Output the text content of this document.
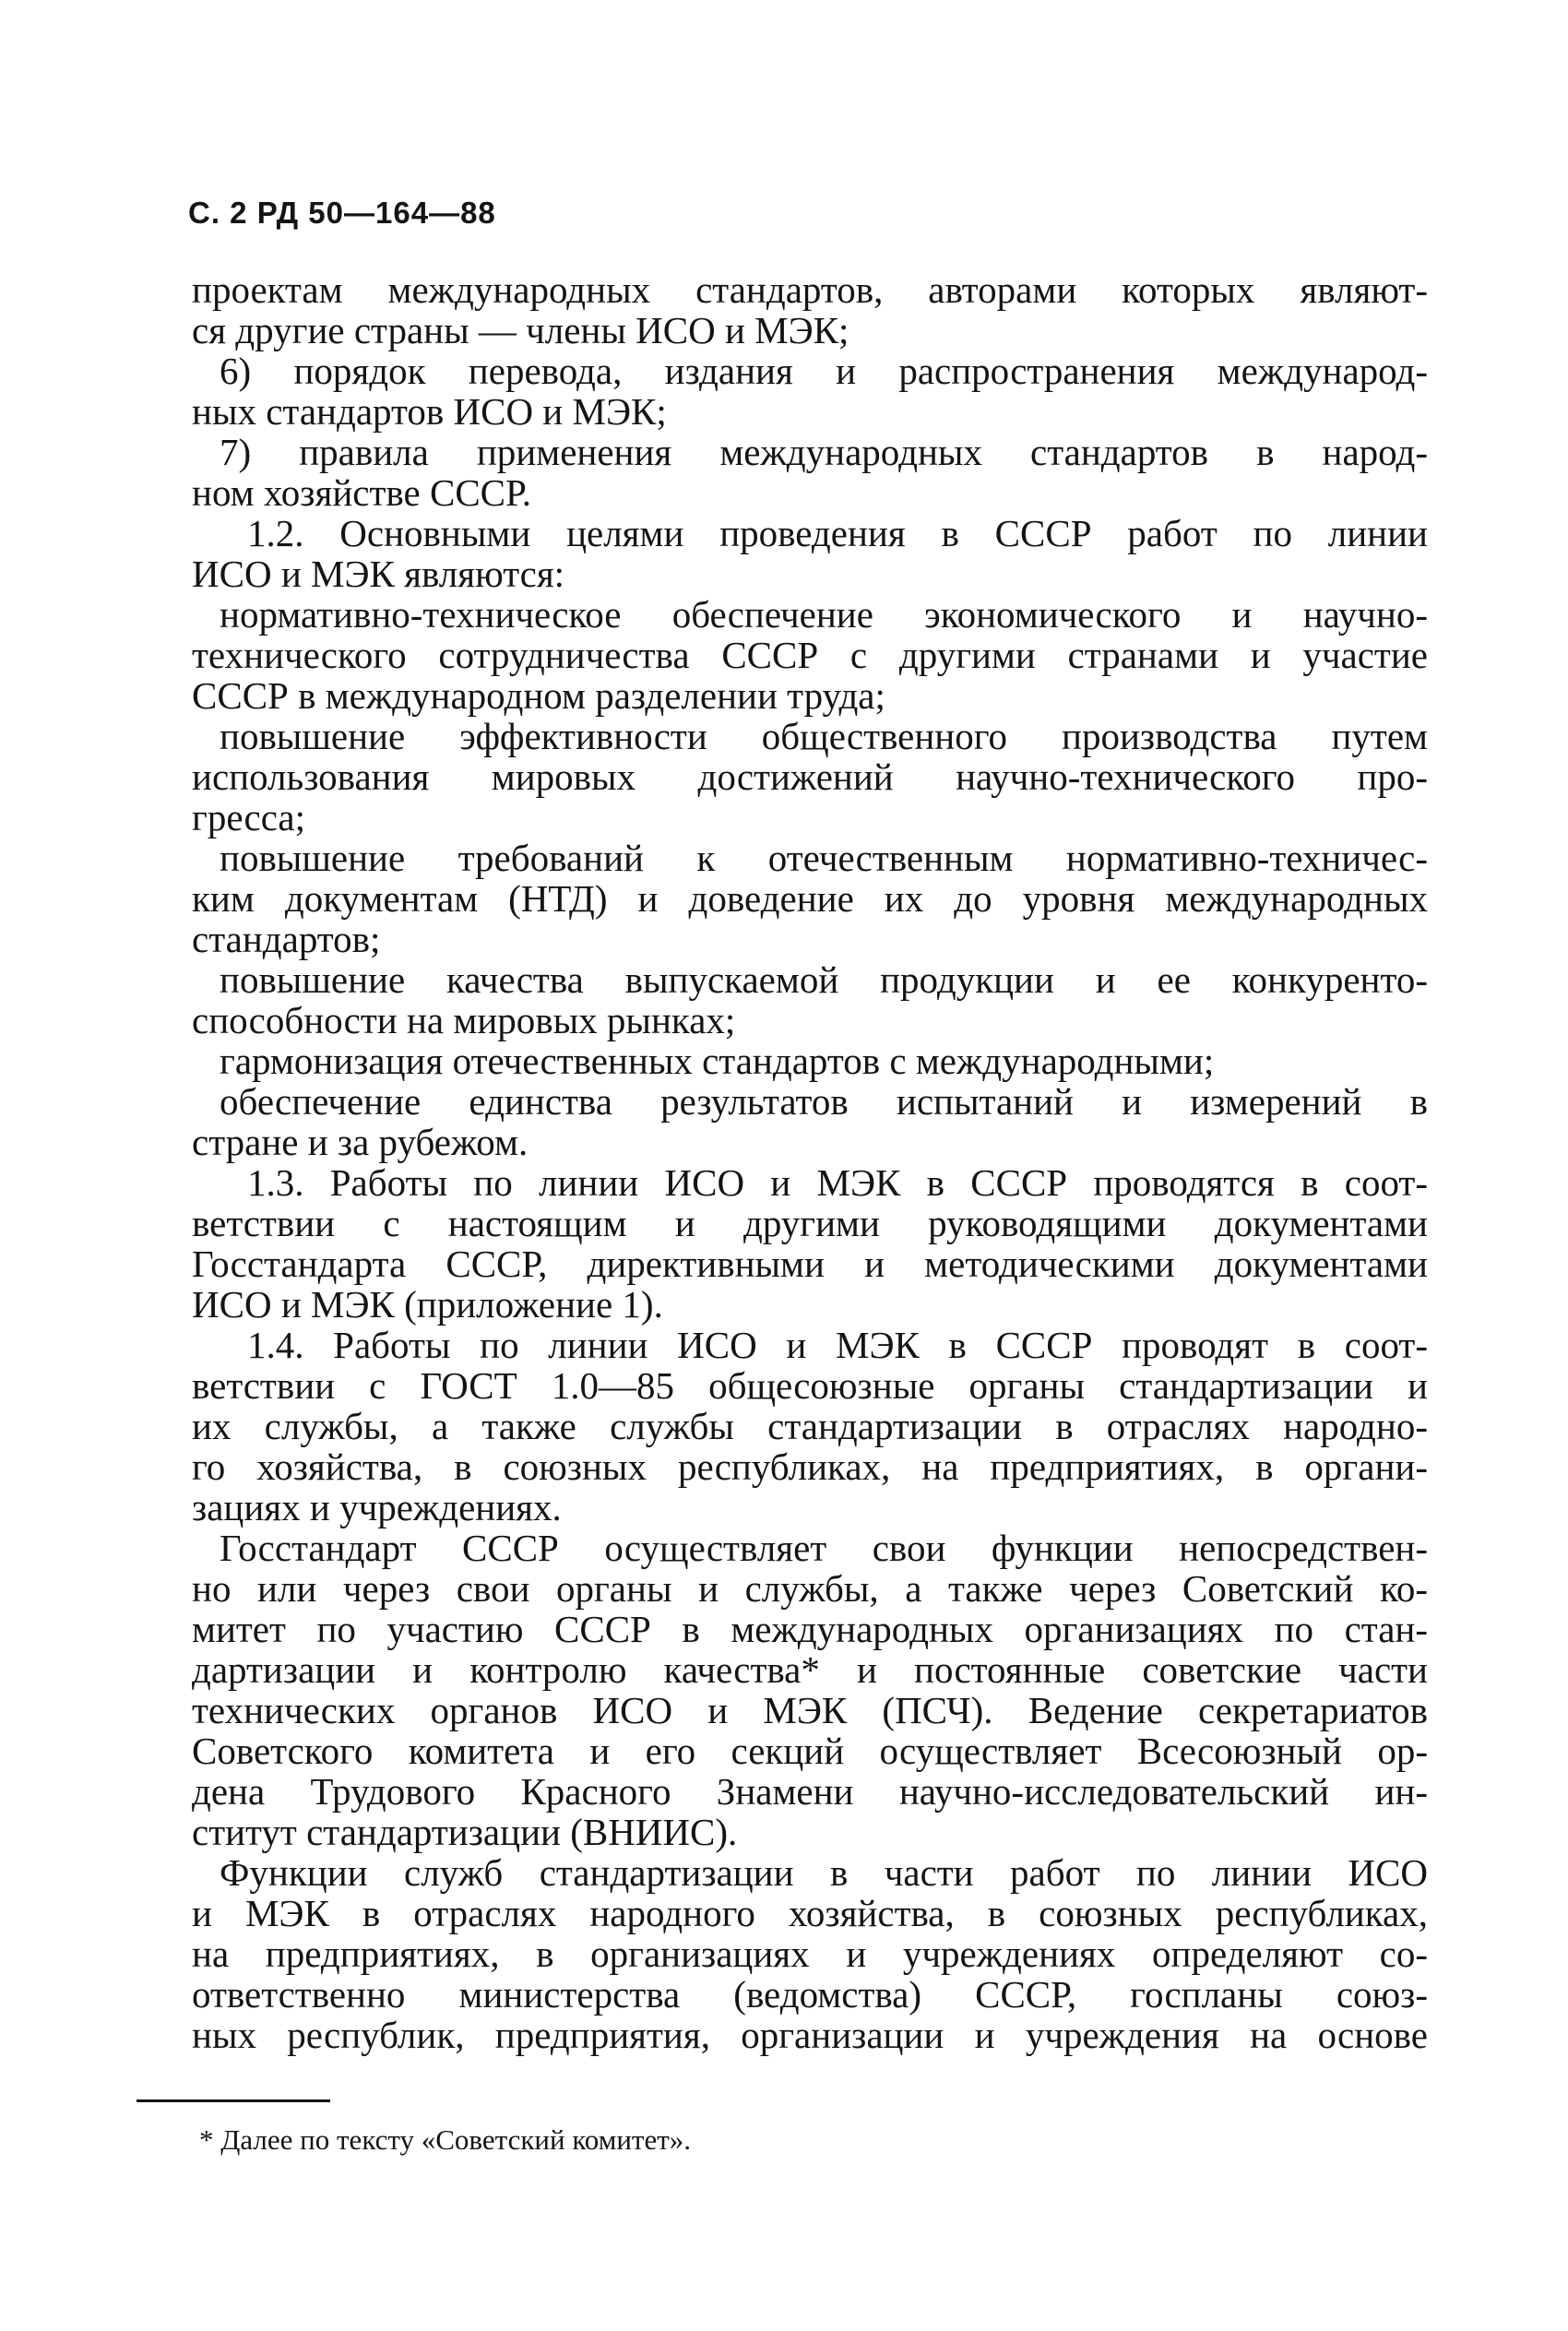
С. 2 РД 50—164—88
проектам международных стандартов, авторами которых являют-
ся другие страны — члены ИСО и МЭК;
6) порядок перевода, издания и распространения международ-
ных стандартов ИСО и МЭК;
7) правила применения международных стандартов в народ-
ном хозяйстве СССР.
1.2. Основными целями проведения в СССР работ по линии
ИСО и МЭК являются:
нормативно-техническое обеспечение экономического и научно-
технического сотрудничества СССР с другими странами и участие
СССР в международном разделении труда;
повышение эффективности общественного производства путем
использования мировых достижений научно-технического про-
гресса;
повышение требований к отечественным нормативно-техничес-
ким документам (НТД) и доведение их до уровня международных
стандартов;
повышение качества выпускаемой продукции и ее конкуренто-
способности на мировых рынках;
гармонизация отечественных стандартов с международными;
обеспечение единства результатов испытаний и измерений в
стране и за рубежом.
1.3. Работы по линии ИСО и МЭК в СССР проводятся в соот-
ветствии с настоящим и другими руководящими документами
Госстандарта СССР, директивными и методическими документами
ИСО и МЭК (приложение 1).
1.4. Работы по линии ИСО и МЭК в СССР проводят в соот-
ветствии с ГОСТ 1.0—85 общесоюзные органы стандартизации и
их службы, а также службы стандартизации в отраслях народно-
го хозяйства, в союзных республиках, на предприятиях, в органи-
зациях и учреждениях.
Госстандарт СССР осуществляет свои функции непосредствен-
но или через свои органы и службы, а также через Советский ко-
митет по участию СССР в международных организациях по стан-
дартизации и контролю качества* и постоянные советские части
технических органов ИСО и МЭК (ПСЧ). Ведение секретариатов
Советского комитета и его секций осуществляет Всесоюзный ор-
дена Трудового Красного Знамени научно-исследовательский ин-
ститут стандартизации (ВНИИС).
Функции служб стандартизации в части работ по линии ИСО
и МЭК в отраслях народного хозяйства, в союзных республиках,
на предприятиях, в организациях и учреждениях определяют со-
ответственно министерства (ведомства) СССР, госпланы союз-
ных республик, предприятия, организации и учреждения на основе
* Далее по тексту «Советский комитет».
